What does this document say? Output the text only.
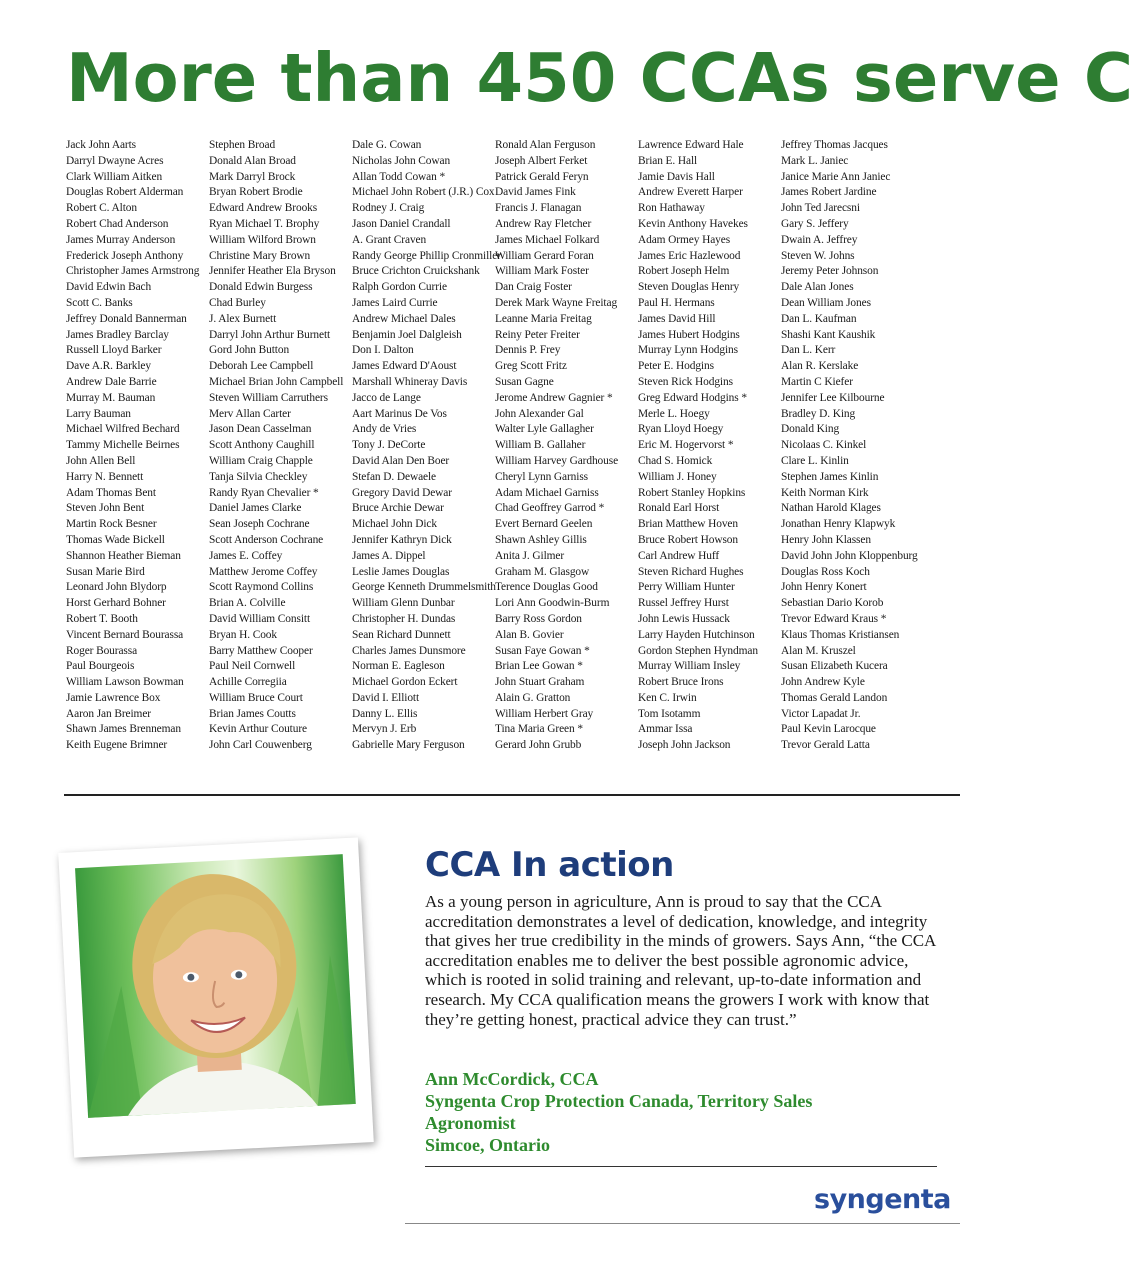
More than 450 CCAs serve C
Jack John Aarts
Darryl Dwayne Acres
Clark William Aitken
Douglas Robert Alderman
Robert C. Alton
Robert Chad Anderson
James Murray Anderson
Frederick Joseph Anthony
Christopher James Armstrong
David Edwin Bach
Scott C. Banks
Jeffrey Donald Bannerman
James Bradley Barclay
Russell Lloyd Barker
Dave A.R. Barkley
Andrew Dale Barrie
Murray M. Bauman
Larry Bauman
Michael Wilfred Bechard
Tammy Michelle Beirnes
John Allen Bell
Harry N. Bennett
Adam Thomas Bent
Steven John Bent
Martin Rock Besner
Thomas Wade Bickell
Shannon Heather Bieman
Susan Marie Bird
Leonard John Blydorp
Horst Gerhard Bohner
Robert T. Booth
Vincent Bernard Bourassa
Roger Bourassa
Paul Bourgeois
William Lawson Bowman
Jamie Lawrence Box
Aaron Jan Breimer
Shawn James Brenneman
Keith Eugene Brimner
Stephen Broad
Donald Alan Broad
Mark Darryl Brock
Bryan Robert Brodie
Edward Andrew Brooks
Ryan Michael T. Brophy
William Wilford Brown
Christine Mary Brown
Jennifer Heather Ela Bryson
Donald Edwin Burgess
Chad Burley
J. Alex Burnett
Darryl John Arthur Burnett
Gord John Button
Deborah Lee Campbell
Michael Brian John Campbell
Steven William Carruthers
Merv Allan Carter
Jason Dean Casselman
Scott Anthony Caughill
William Craig Chapple
Tanja Silvia Checkley
Randy Ryan Chevalier *
Daniel James Clarke
Sean Joseph Cochrane
Scott Anderson Cochrane
James E. Coffey
Matthew Jerome Coffey
Scott Raymond Collins
Brian A. Colville
David William Consitt
Bryan H. Cook
Barry Matthew Cooper
Paul Neil Cornwell
Achille Corregiia
William Bruce Court
Brian James Coutts
Kevin Arthur Couture
John Carl Couwenberg
Dale G. Cowan
Nicholas John Cowan
Allan Todd Cowan *
Michael John Robert (J.R.) Cox
Rodney J. Craig
Jason Daniel Crandall
A. Grant Craven
Randy George Phillip Cronmiller
Bruce Crichton Cruickshank
Ralph Gordon Currie
James Laird Currie
Andrew Michael Dales
Benjamin Joel Dalgleish
Don I. Dalton
James Edward D'Aoust
Marshall Whineray Davis
Jacco de Lange
Aart Marinus De Vos
Andy de Vries
Tony J. DeCorte
David Alan Den Boer
Stefan D. Dewaele
Gregory David Dewar
Bruce Archie Dewar
Michael John Dick
Jennifer Kathryn Dick
James A. Dippel
Leslie James Douglas
George Kenneth Drummelsmith
William Glenn Dunbar
Christopher H. Dundas
Sean Richard Dunnett
Charles James Dunsmore
Norman E. Eagleson
Michael Gordon Eckert
David I. Elliott
Danny L. Ellis
Mervyn J. Erb
Gabrielle Mary Ferguson
Ronald Alan Ferguson
Joseph Albert Ferket
Patrick Gerald Feryn
David James Fink
Francis J. Flanagan
Andrew Ray Fletcher
James Michael Folkard
William Gerard Foran
William Mark Foster
Dan Craig Foster
Derek Mark Wayne Freitag
Leanne Maria Freitag
Reiny Peter Freiter
Dennis P. Frey
Greg Scott Fritz
Susan Gagne
Jerome Andrew Gagnier *
John Alexander Gal
Walter Lyle Gallagher
William B. Gallaher
William Harvey Gardhouse
Cheryl Lynn Garniss
Adam Michael Garniss
Chad Geoffrey Garrod *
Evert Bernard Geelen
Shawn Ashley Gillis
Anita J. Gilmer
Graham M. Glasgow
Terence Douglas Good
Lori Ann Goodwin-Burm
Barry Ross Gordon
Alan B. Govier
Susan Faye Gowan *
Brian Lee Gowan *
John Stuart Graham
Alain G. Gratton
William Herbert Gray
Tina Maria Green *
Gerard John Grubb
Lawrence Edward Hale
Brian E. Hall
Jamie Davis Hall
Andrew Everett Harper
Ron Hathaway
Kevin Anthony Havekes
Adam Ormey Hayes
James Eric Hazlewood
Robert Joseph Helm
Steven Douglas Henry
Paul H. Hermans
James David Hill
James Hubert Hodgins
Murray Lynn Hodgins
Peter E. Hodgins
Steven Rick Hodgins
Greg Edward Hodgins *
Merle L. Hoegy
Ryan Lloyd Hoegy
Eric M. Hogervorst *
Chad S. Homick
William J. Honey
Robert Stanley Hopkins
Ronald Earl Horst
Brian Matthew Hoven
Bruce Robert Howson
Carl Andrew Huff
Steven Richard Hughes
Perry William Hunter
Russel Jeffrey Hurst
John Lewis Hussack
Larry Hayden Hutchinson
Gordon Stephen Hyndman
Murray William Insley
Robert Bruce Irons
Ken C. Irwin
Tom Isotamm
Ammar Issa
Joseph John Jackson
Jeffrey Thomas Jacques
Mark L. Janiec
Janice Marie Ann Janiec
James Robert Jardine
John Ted Jarecsni
Gary S. Jeffery
Dwain A. Jeffrey
Steven W. Johns
Jeremy Peter Johnson
Dale Alan Jones
Dean William Jones
Dan L. Kaufman
Shashi Kant Kaushik
Dan L. Kerr
Alan R. Kerslake
Martin C Kiefer
Jennifer Lee Kilbourne
Bradley D. King
Donald King
Nicolaas C. Kinkel
Clare L. Kinlin
Stephen James Kinlin
Keith Norman Kirk
Nathan Harold Klages
Jonathan Henry Klapwyk
Henry John Klassen
David John John Kloppenburg
Douglas Ross Koch
John Henry Konert
Sebastian Dario Korob
Trevor Edward Kraus *
Klaus Thomas Kristiansen
Alan M. Kruszel
Susan Elizabeth Kucera
John Andrew Kyle
Thomas Gerald Landon
Victor Lapadat Jr.
Paul Kevin Larocque
Trevor Gerald Latta
CCA In action
As a young person in agriculture, Ann is proud to say that the CCA accreditation demonstrates a level of dedication, knowledge, and integrity that gives her true credibility in the minds of growers. Says Ann, “the CCA accreditation enables me to deliver the best possible agronomic advice, which is rooted in solid training and relevant, up-to-date information and research. My CCA qualification means the growers I work with know that they’re getting honest, practical advice they can trust.”
Ann McCordick, CCA
Syngenta Crop Protection Canada, Territory Sales
Agronomist
Simcoe, Ontario
syngenta
